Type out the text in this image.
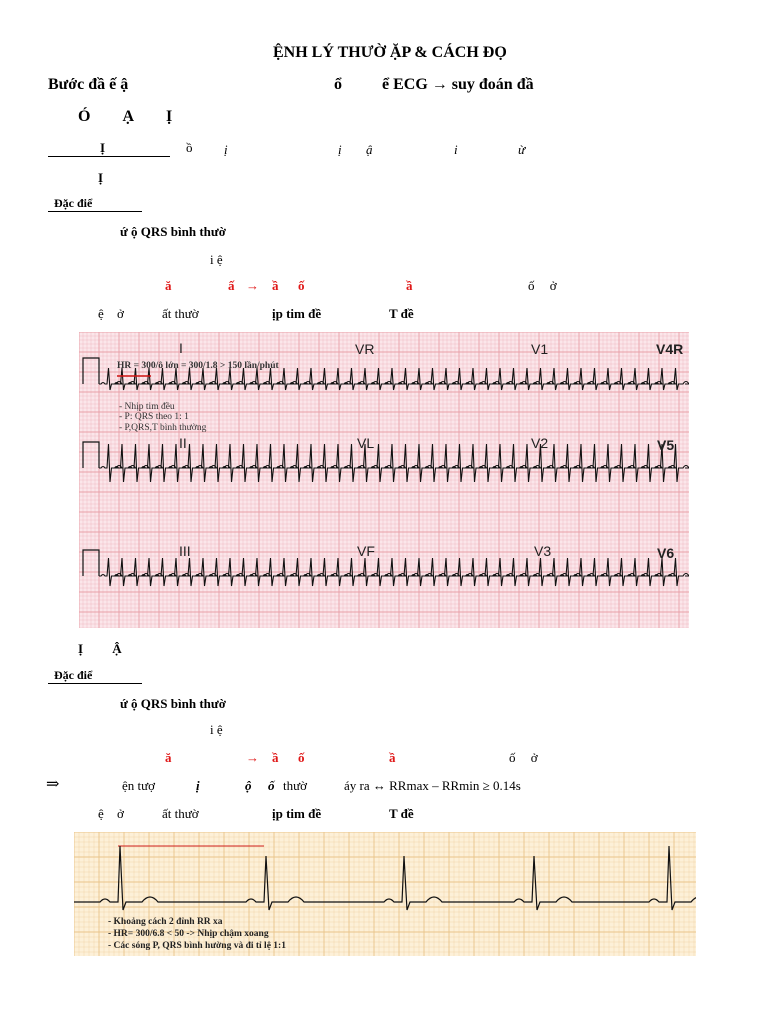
ỆNH LÝ THƯỜ ẶP & CÁCH ĐỌ
Bước đầ ế ậ	ổ	ể ECG → suy đoán đầ
Ó Ạ Ị
Ị	ồ ị	ị ậ	i	ừ
Ị
Đặc điể
ứ ộ QRS bình thườ
i ệ
ă	ấ → ầ ố	ầ	ố ở
ệ ở	ất thườ	ịp tim đề	T đề
I	VR	V1	V4R
II	VL	V2	V5
III	VF	V3	V6
HR = 300/ô lớn = 300/1.8 > 150 lần/phút
- Nhịp tim đều
- P: QRS theo 1: 1
- P,QRS,T bình thường
Ị Ậ
Đặc điể
ứ ộ QRS bình thườ
i ệ
ă	→ ầ ố	ầ	ố ở
⇒	ện tượ	ị	ộ ố thườ	áy ra ↔ RRmax – RRmin ≥ 0.14s
ệ ở	ất thườ	ịp tim đề	T đề
- Khoảng cách 2 đỉnh RR xa
- HR= 300/6.8 < 50 -> Nhịp chậm xoang
- Các sóng P, QRS bình hường và đi tỉ lệ 1:1
